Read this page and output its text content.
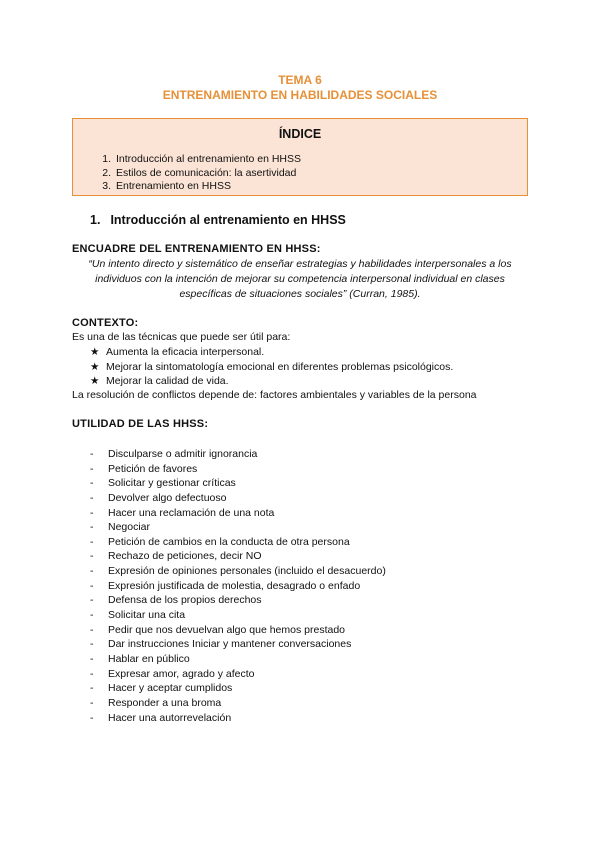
TEMA 6
ENTRENAMIENTO EN HABILIDADES SOCIALES
ÍNDICE
1. Introducción al entrenamiento en HHSS
2. Estilos de comunicación: la asertividad
3. Entrenamiento en HHSS
1. Introducción al entrenamiento en HHSS
ENCUADRE DEL ENTRENAMIENTO EN HHSS:
“Un intento directo y sistemático de enseñar estrategias y habilidades interpersonales a los
individuos con la intención de mejorar su competencia interpersonal individual en clases
específicas de situaciones sociales” (Curran, 1985).
CONTEXTO:
Es una de las técnicas que puede ser útil para:
★ Aumenta la eficacia interpersonal.
★ Mejorar la sintomatología emocional en diferentes problemas psicológicos.
★ Mejorar la calidad de vida.
La resolución de conflictos depende de: factores ambientales y variables de la persona
UTILIDAD DE LAS HHSS:
- Disculparse o admitir ignorancia
- Petición de favores
- Solicitar y gestionar críticas
- Devolver algo defectuoso
- Hacer una reclamación de una nota
- Negociar
- Petición de cambios en la conducta de otra persona
- Rechazo de peticiones, decir NO
- Expresión de opiniones personales (incluido el desacuerdo)
- Expresión justificada de molestia, desagrado o enfado
- Defensa de los propios derechos
- Solicitar una cita
- Pedir que nos devuelvan algo que hemos prestado
- Dar instrucciones Iniciar y mantener conversaciones
- Hablar en público
- Expresar amor, agrado y afecto
- Hacer y aceptar cumplidos
- Responder a una broma
- Hacer una autorrevelación
